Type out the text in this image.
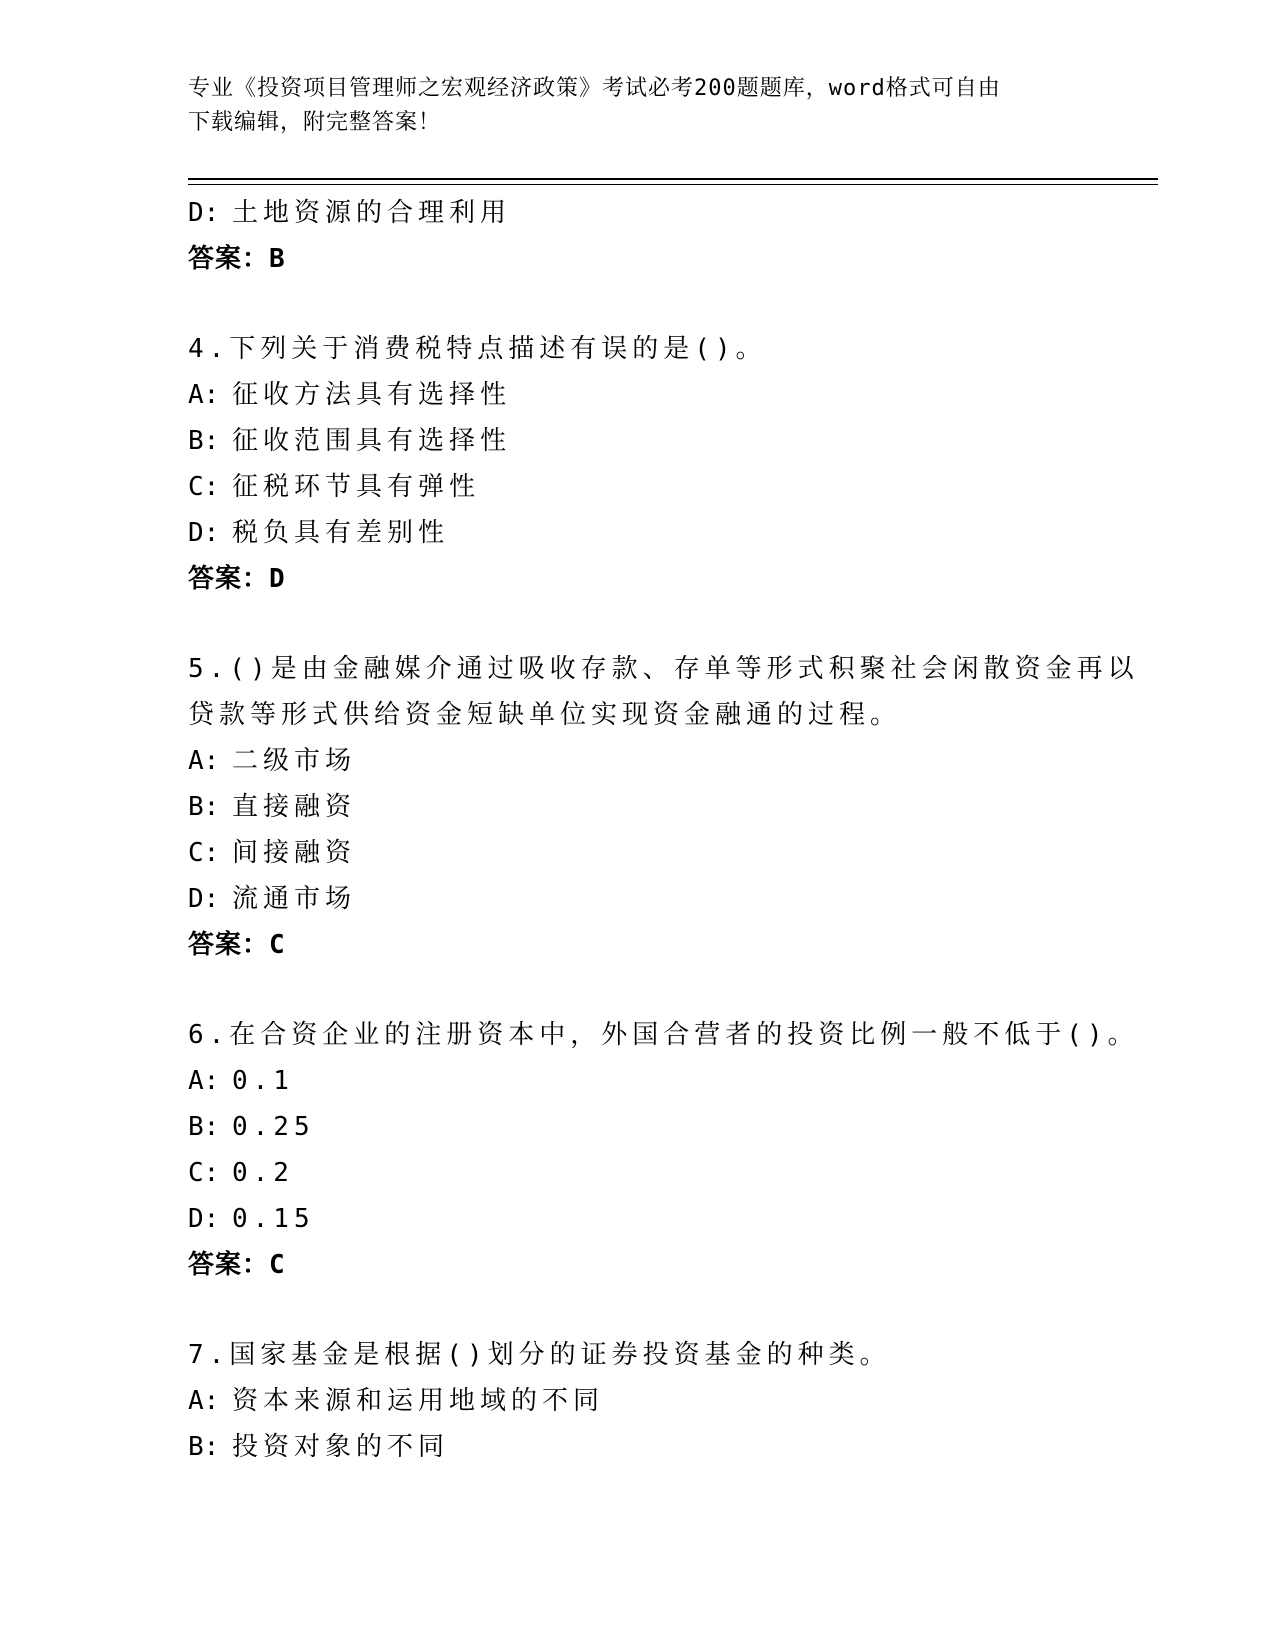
专业《投资项目管理师之宏观经济政策》考试必考200题题库，word格式可自由
下载编辑，附完整答案！
D: 土地资源的合理利用
答案：B
4.下列关于消费税特点描述有误的是()。
A: 征收方法具有选择性
B: 征收范围具有选择性
C: 征税环节具有弹性
D: 税负具有差别性
答案：D
5.()是由金融媒介通过吸收存款、存单等形式积聚社会闲散资金再以
贷款等形式供给资金短缺单位实现资金融通的过程。
A: 二级市场
B: 直接融资
C: 间接融资
D: 流通市场
答案：C
6.在合资企业的注册资本中，外国合营者的投资比例一般不低于()。
A: 0.1
B: 0.25
C: 0.2
D: 0.15
答案：C
7.国家基金是根据()划分的证券投资基金的种类。
A: 资本来源和运用地域的不同
B: 投资对象的不同
